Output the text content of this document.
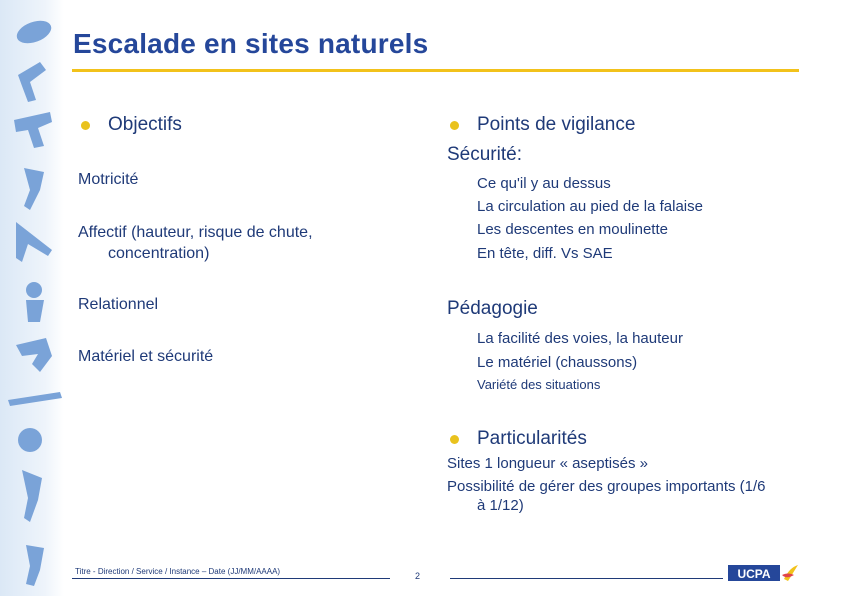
Escalade en sites naturels
Objectifs
Motricité
Affectif (hauteur, risque de chute,
concentration)
Relationnel
Matériel et sécurité
Points de vigilance
Sécurité:
Ce qu'il y au dessus
La circulation au pied de la falaise
Les descentes en moulinette
En tête, diff. Vs SAE
Pédagogie
La facilité des voies, la hauteur
Le matériel (chaussons)
Variété des situations
Particularités
Sites 1 longueur « aseptisés »
Possibilité de gérer des groupes importants (1/6
à 1/12)
Titre - Direction / Service / Instance – Date (JJ/MM/AAAA)	2	UCPA
